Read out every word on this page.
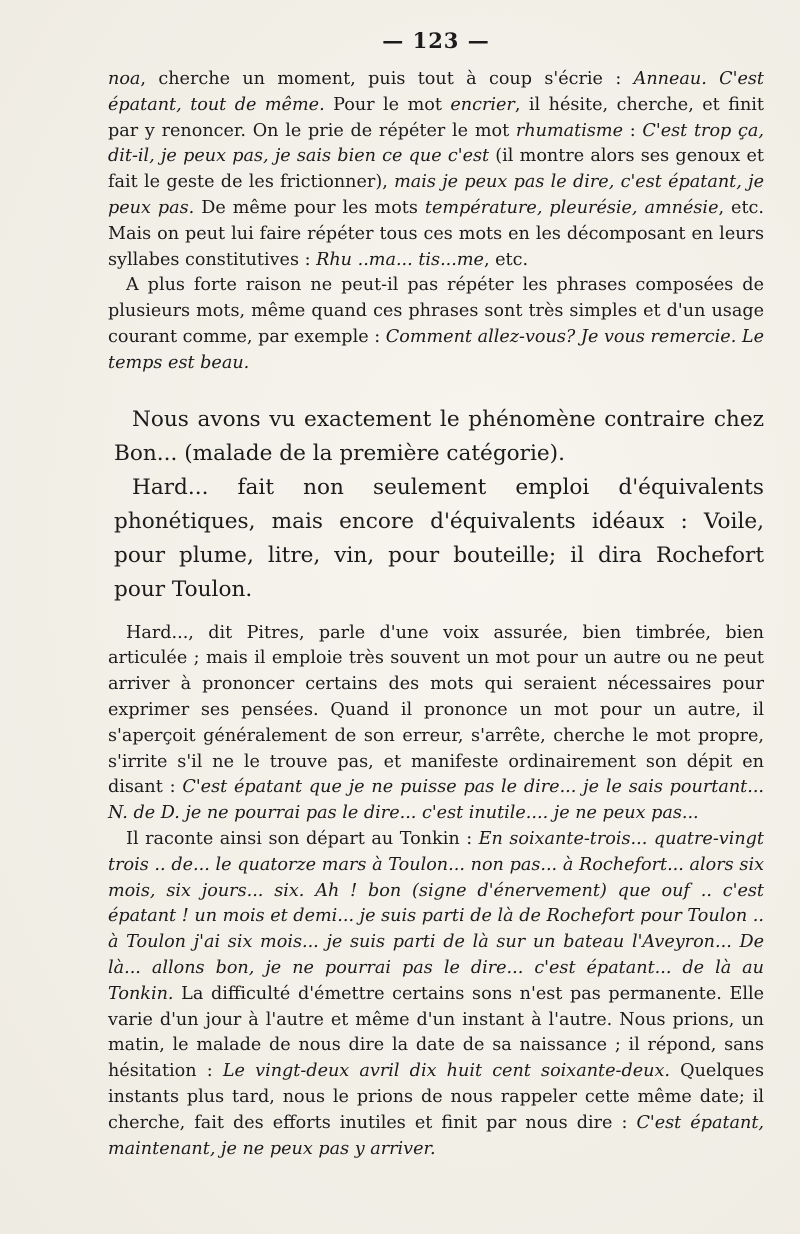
— 123 —

noa, cherche un moment, puis tout à coup s'écrie : Anneau. C'est épatant, tout de même. Pour le mot encrier, il hésite, cherche, et finit par y renoncer. On le prie de répéter le mot rhumatisme : C'est trop ça, dit-il, je peux pas, je sais bien ce que c'est (il montre alors ses genoux et fait le geste de les frictionner), mais je peux pas le dire, c'est épatant, je peux pas. De même pour les mots température, pleurésie, amnésie, etc. Mais on peut lui faire répéter tous ces mots en les décomposant en leurs syllabes constitutives : Rhu ..ma... tis...me, etc.

A plus forte raison ne peut-il pas répéter les phrases composées de plusieurs mots, même quand ces phrases sont très simples et d'un usage courant comme, par exemple : Comment allez-vous? Je vous remercie. Le temps est beau.

Nous avons vu exactement le phénomène contraire chez Bon... (malade de la première catégorie).

Hard... fait non seulement emploi d'équivalents phonétiques, mais encore d'équivalents idéaux : Voile, pour plume, litre, vin, pour bouteille; il dira Rochefort pour Toulon.

Hard..., dit Pitres, parle d'une voix assurée, bien timbrée, bien articulée ; mais il emploie très souvent un mot pour un autre ou ne peut arriver à prononcer certains des mots qui seraient nécessaires pour exprimer ses pensées. Quand il prononce un mot pour un autre, il s'aperçoit généralement de son erreur, s'arrête, cherche le mot propre, s'irrite s'il ne le trouve pas, et manifeste ordinairement son dépit en disant : C'est épatant que je ne puisse pas le dire... je le sais pourtant... N. de D. je ne pourrai pas le dire... c'est inutile.... je ne peux pas...

Il raconte ainsi son départ au Tonkin : En soixante-trois... quatre-vingt trois .. de... le quatorze mars à Toulon... non pas... à Rochefort... alors six mois, six jours... six. Ah ! bon (signe d'énervement) que ouf .. c'est épatant ! un mois et demi... je suis parti de là de Rochefort pour Toulon .. à Toulon j'ai six mois... je suis parti de là sur un bateau l'Aveyron... De là... allons bon, je ne pourrai pas le dire... c'est épatant... de là au Tonkin. La difficulté d'émettre certains sons n'est pas permanente. Elle varie d'un jour à l'autre et même d'un instant à l'autre. Nous prions, un matin, le malade de nous dire la date de sa naissance ; il répond, sans hésitation : Le vingt-deux avril dix huit cent soixante-deux. Quelques instants plus tard, nous le prions de nous rappeler cette même date; il cherche, fait des efforts inutiles et finit par nous dire : C'est épatant, maintenant, je ne peux pas y arriver.
